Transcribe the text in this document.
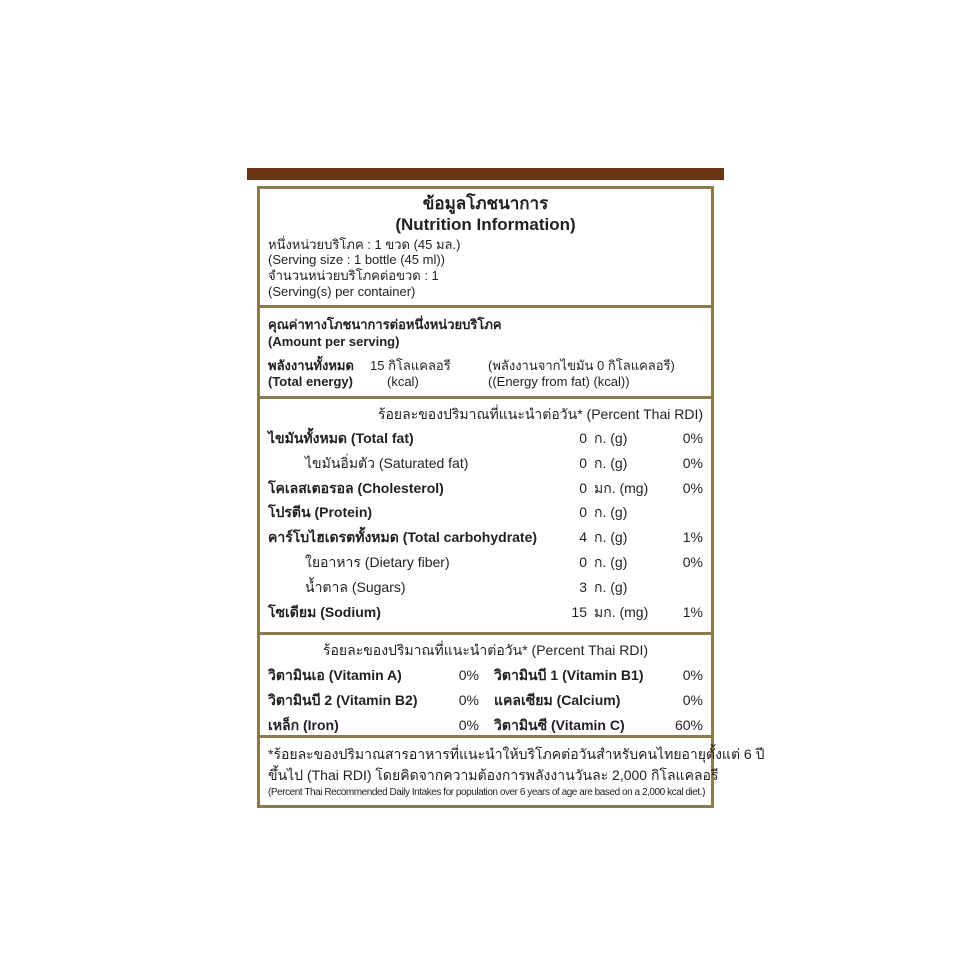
ข้อมูลโภชนาการ
(Nutrition Information)
หนึ่งหน่วยบริโภค : 1 ขวด (45 มล.)
(Serving size : 1 bottle (45 ml))
จำนวนหน่วยบริโภคต่อขวด : 1
(Serving(s) per container)
คุณค่าทางโภชนาการต่อหนึ่งหน่วยบริโภค
(Amount per serving)
พลังงานทั้งหมด 15 กิโลแคลอรี	(พลังงานจากไขมัน 0 กิโลแคลอรี)
(Total energy)	(kcal)	((Energy from fat) (kcal))
ร้อยละของปริมาณที่แนะนำต่อวัน* (Percent Thai RDI)
ไขมันทั้งหมด (Total fat)	0 ก. (g)	0%
ไขมันอิ่มตัว (Saturated fat)	0 ก. (g)	0%
โคเลสเตอรอล (Cholesterol)	0 มก. (mg) 0%
โปรตีน (Protein)	0 ก. (g)
คาร์โบไฮเดรตทั้งหมด (Total carbohydrate)	4 ก. (g)	1%
ใยอาหาร (Dietary fiber)	0 ก. (g)	0%
น้ำตาล (Sugars)	3 ก. (g)
โซเดียม (Sodium)	15 มก. (mg) 1%
ร้อยละของปริมาณที่แนะนำต่อวัน* (Percent Thai RDI)
วิตามินเอ (Vitamin A)	0% วิตามินบี 1 (Vitamin B1)	0%
วิตามินบี 2 (Vitamin B2)	0% แคลเซียม (Calcium)	0%
เหล็ก (Iron)	0% วิตามินซี (Vitamin C)	60%
*ร้อยละของปริมาณสารอาหารที่แนะนำให้บริโภคต่อวันสำหรับคนไทยอายุตั้งแต่ 6 ปี
ขึ้นไป (Thai RDI) โดยคิดจากความต้องการพลังงานวันละ 2,000 กิโลแคลอรี
(Percent Thai Recommended Daily Intakes for population over 6 years of age are based on a 2,000 kcal diet.)
